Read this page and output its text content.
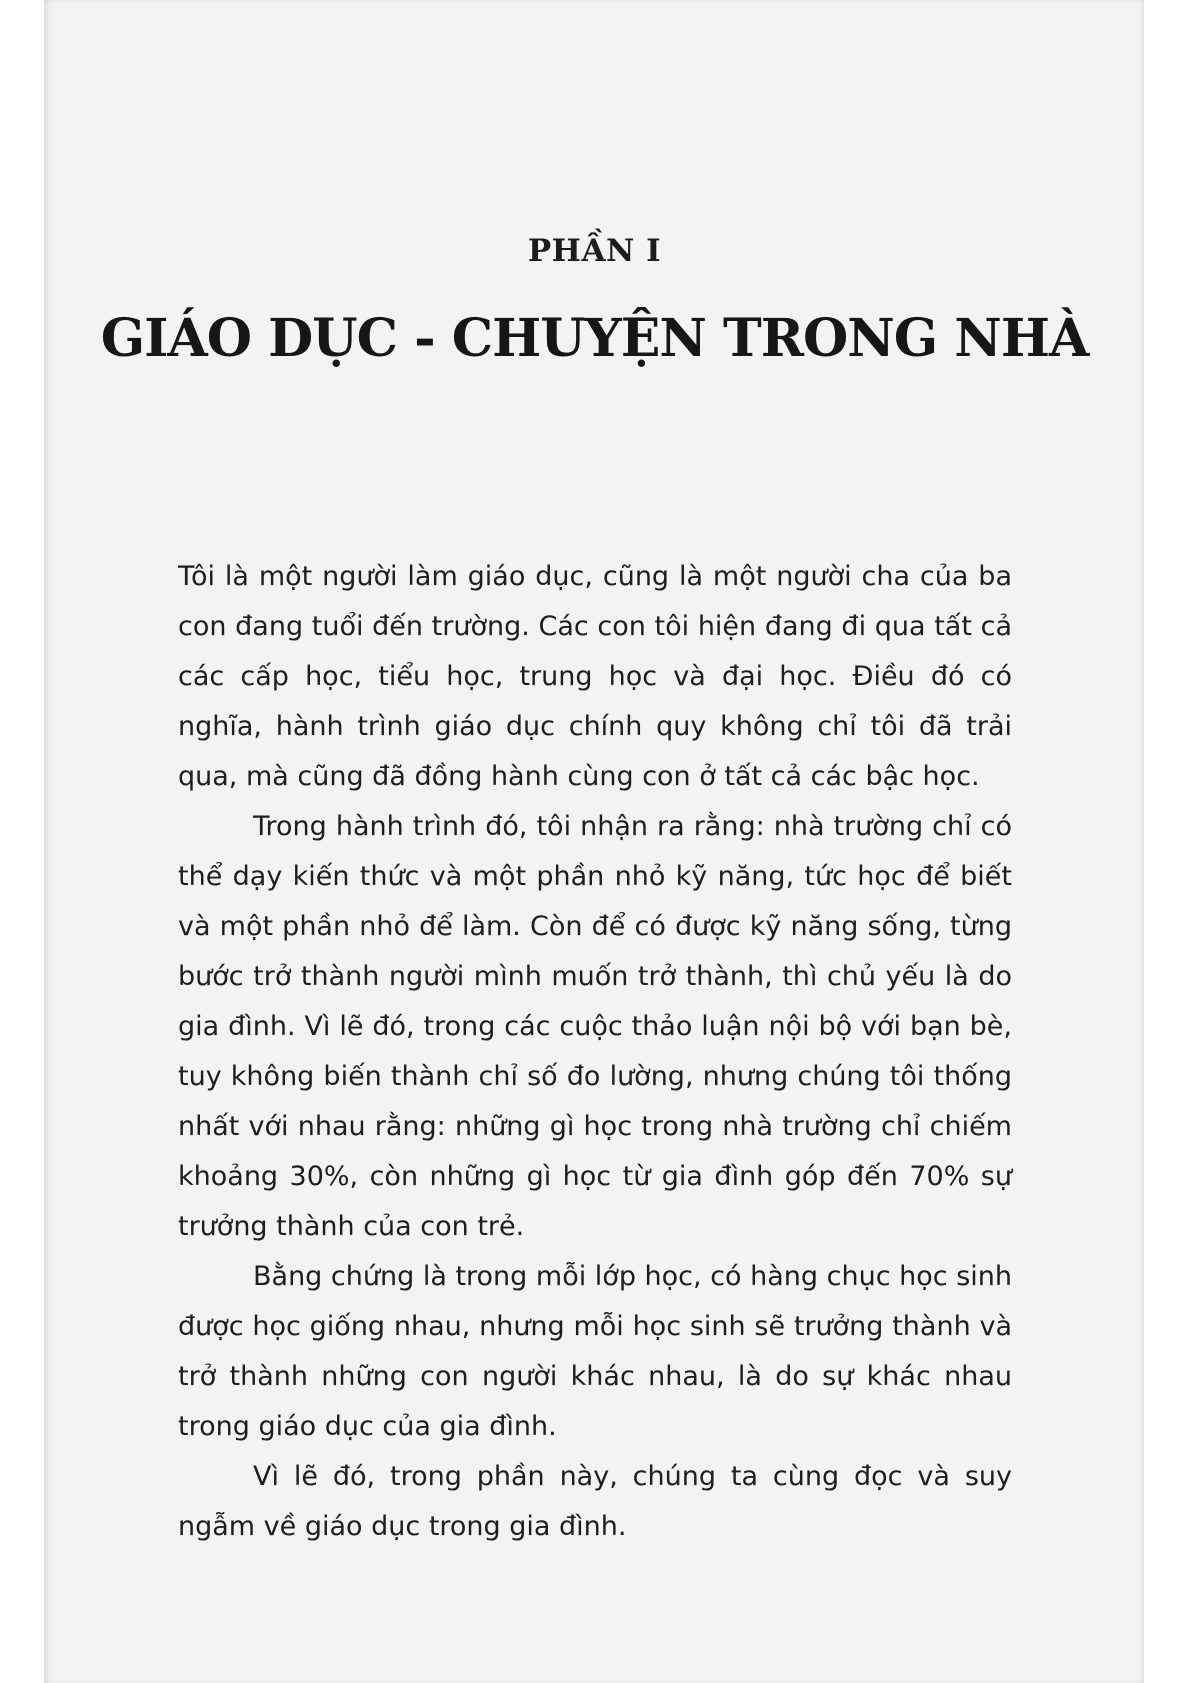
PHẦN I
GIÁO DỤC - CHUYỆN TRONG NHÀ

Tôi là một người làm giáo dục, cũng là một người cha của ba con đang tuổi đến trường. Các con tôi hiện đang đi qua tất cả các cấp học, tiểu học, trung học và đại học. Điều đó có nghĩa, hành trình giáo dục chính quy không chỉ tôi đã trải qua, mà cũng đã đồng hành cùng con ở tất cả các bậc học.

Trong hành trình đó, tôi nhận ra rằng: nhà trường chỉ có thể dạy kiến thức và một phần nhỏ kỹ năng, tức học để biết và một phần nhỏ để làm. Còn để có được kỹ năng sống, từng bước trở thành người mình muốn trở thành, thì chủ yếu là do gia đình. Vì lẽ đó, trong các cuộc thảo luận nội bộ với bạn bè, tuy không biến thành chỉ số đo lường, nhưng chúng tôi thống nhất với nhau rằng: những gì học trong nhà trường chỉ chiếm khoảng 30%, còn những gì học từ gia đình góp đến 70% sự trưởng thành của con trẻ.

Bằng chứng là trong mỗi lớp học, có hàng chục học sinh được học giống nhau, nhưng mỗi học sinh sẽ trưởng thành và trở thành những con người khác nhau, là do sự khác nhau trong giáo dục của gia đình.

Vì lẽ đó, trong phần này, chúng ta cùng đọc và suy ngẫm về giáo dục trong gia đình.
